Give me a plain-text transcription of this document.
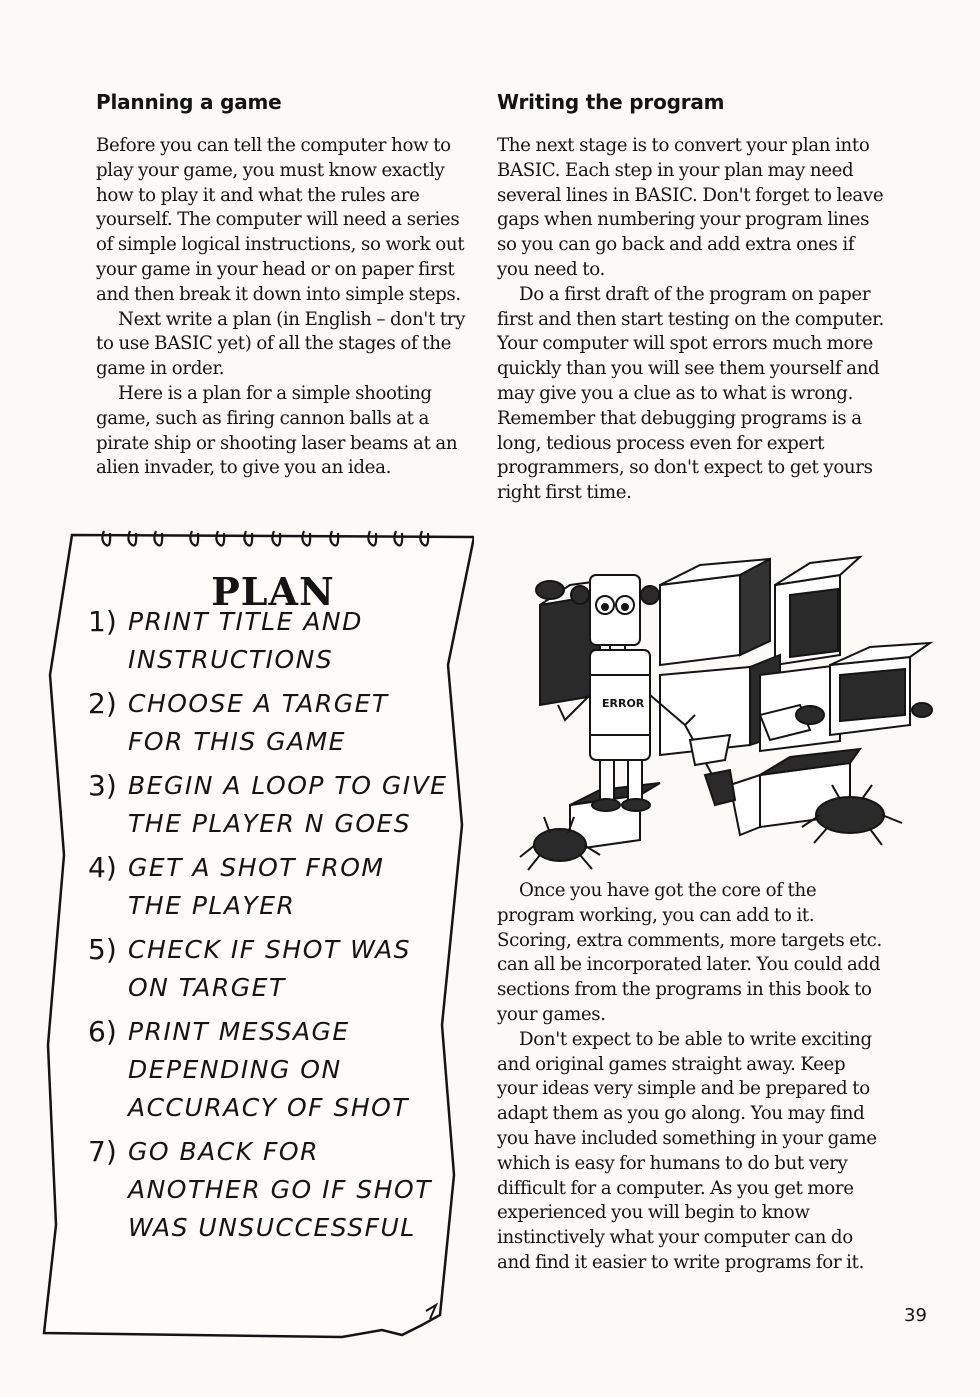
Planning a game

Before you can tell the computer how to play your game, you must know exactly how to play it and what the rules are yourself. The computer will need a series of simple logical instructions, so work out your game in your head or on paper first and then break it down into simple steps.

Next write a plan (in English – don't try to use BASIC yet) of all the stages of the game in order.

Here is a plan for a simple shooting game, such as firing cannon balls at a pirate ship or shooting laser beams at an alien invader, to give you an idea.

PLAN
1) PRINT TITLE AND INSTRUCTIONS
2) CHOOSE A TARGET FOR THIS GAME
3) BEGIN A LOOP TO GIVE THE PLAYER N GOES
4) GET A SHOT FROM THE PLAYER
5) CHECK IF SHOT WAS ON TARGET
6) PRINT MESSAGE DEPENDING ON ACCURACY OF SHOT
7) GO BACK FOR ANOTHER GO IF SHOT WAS UNSUCCESSFUL
Writing the program

The next stage is to convert your plan into BASIC. Each step in your plan may need several lines in BASIC. Don't forget to leave gaps when numbering your program lines so you can go back and add extra ones if you need to.

Do a first draft of the program on paper first and then start testing on the computer. Your computer will spot errors much more quickly than you will see them yourself and may give you a clue as to what is wrong. Remember that debugging programs is a long, tedious process even for expert programmers, so don't expect to get yours right first time.

ERROR

Once you have got the core of the program working, you can add to it. Scoring, extra comments, more targets etc. can all be incorporated later. You could add sections from the programs in this book to your games.

Don't expect to be able to write exciting and original games straight away. Keep your ideas very simple and be prepared to adapt them as you go along. You may find you have included something in your game which is easy for humans to do but very difficult for a computer. As you get more experienced you will begin to know instinctively what your computer can do and find it easier to write programs for it.

39
